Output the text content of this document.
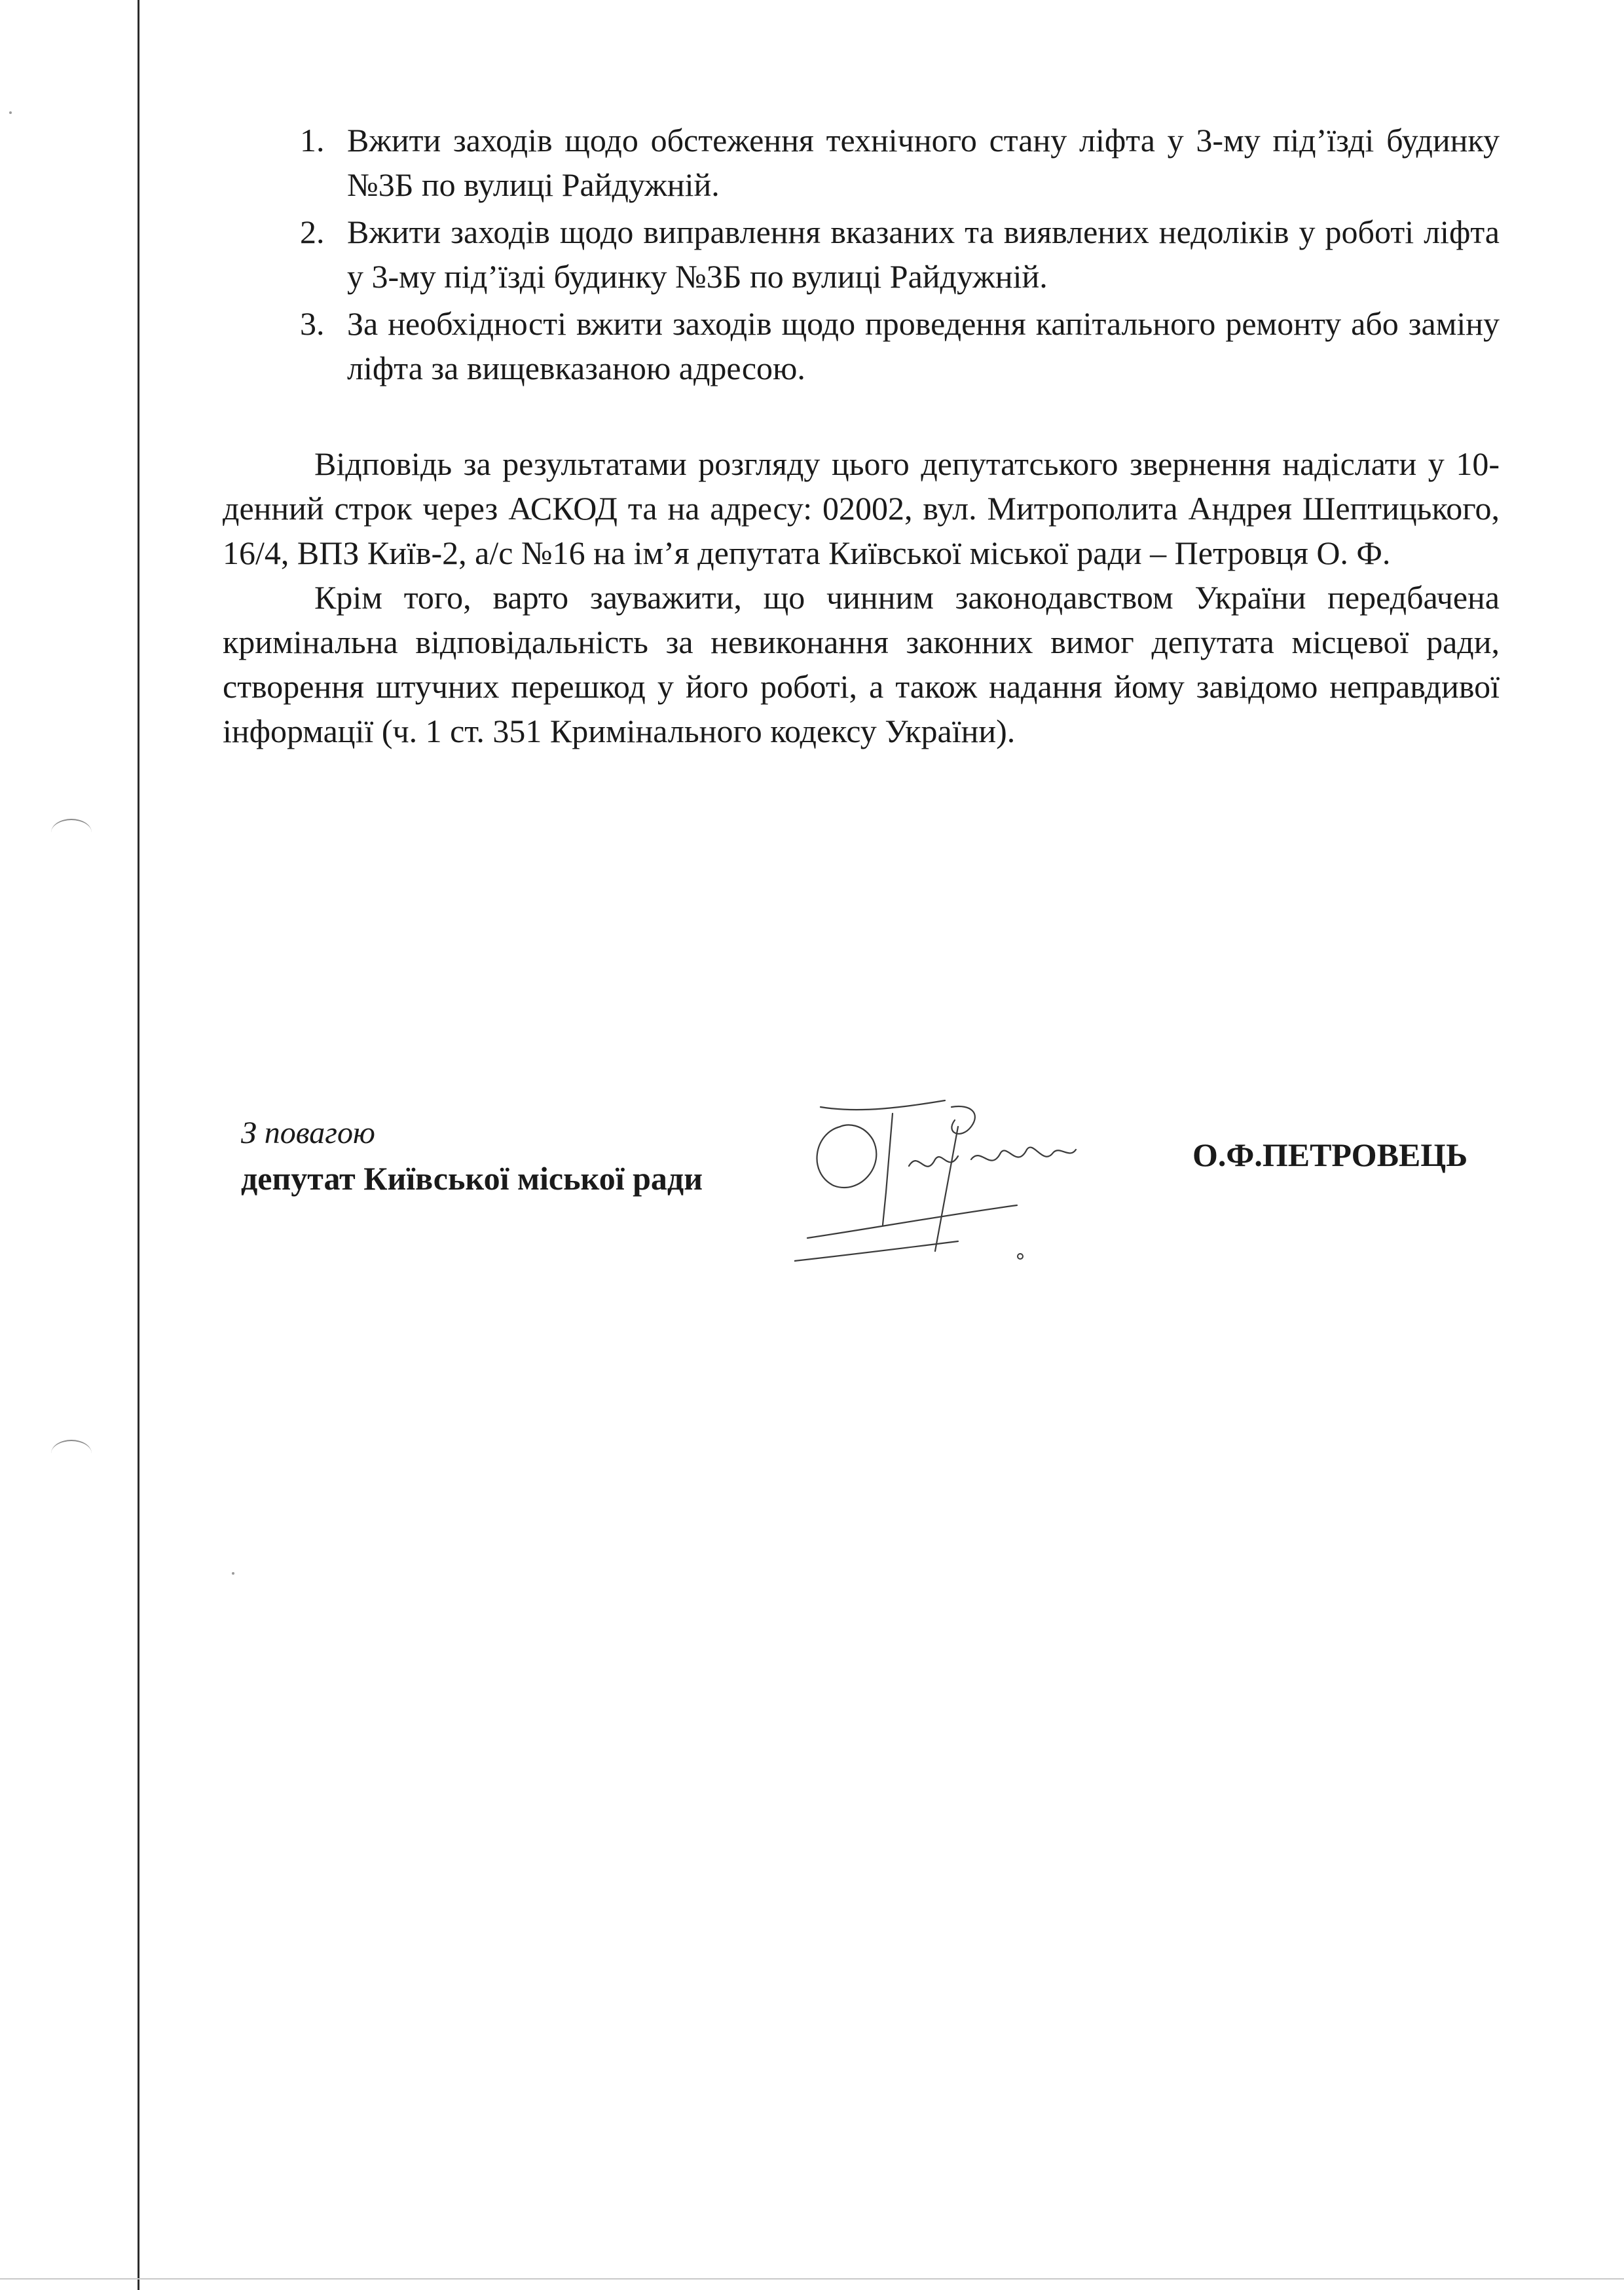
1. Вжити заходів щодо обстеження технічного стану ліфта у 3-му під’їзді будинку №3Б по вулиці Райдужній.
2. Вжити заходів щодо виправлення вказаних та виявлених недоліків у роботі ліфта у 3-му під’їзді будинку №3Б по вулиці Райдужній.
3. За необхідності вжити заходів щодо проведення капітального ремонту або заміну ліфта за вищевказаною адресою.

Відповідь за результатами розгляду цього депутатського звернення надіслати у 10-денний строк через АСКОД та на адресу: 02002, вул. Митрополита Андрея Шептицького, 16/4, ВПЗ Київ-2, а/с №16 на ім’я депутата Київської міської ради – Петровця О. Ф.

Крім того, варто зауважити, що чинним законодавством України передбачена кримінальна відповідальність за невиконання законних вимог депутата місцевої ради, створення штучних перешкод у його роботі, а також надання йому завідомо неправдивої інформації (ч. 1 ст. 351 Кримінального кодексу України).

З повагою
депутат Київської міської ради
О.Ф.ПЕТРОВЕЦЬ
